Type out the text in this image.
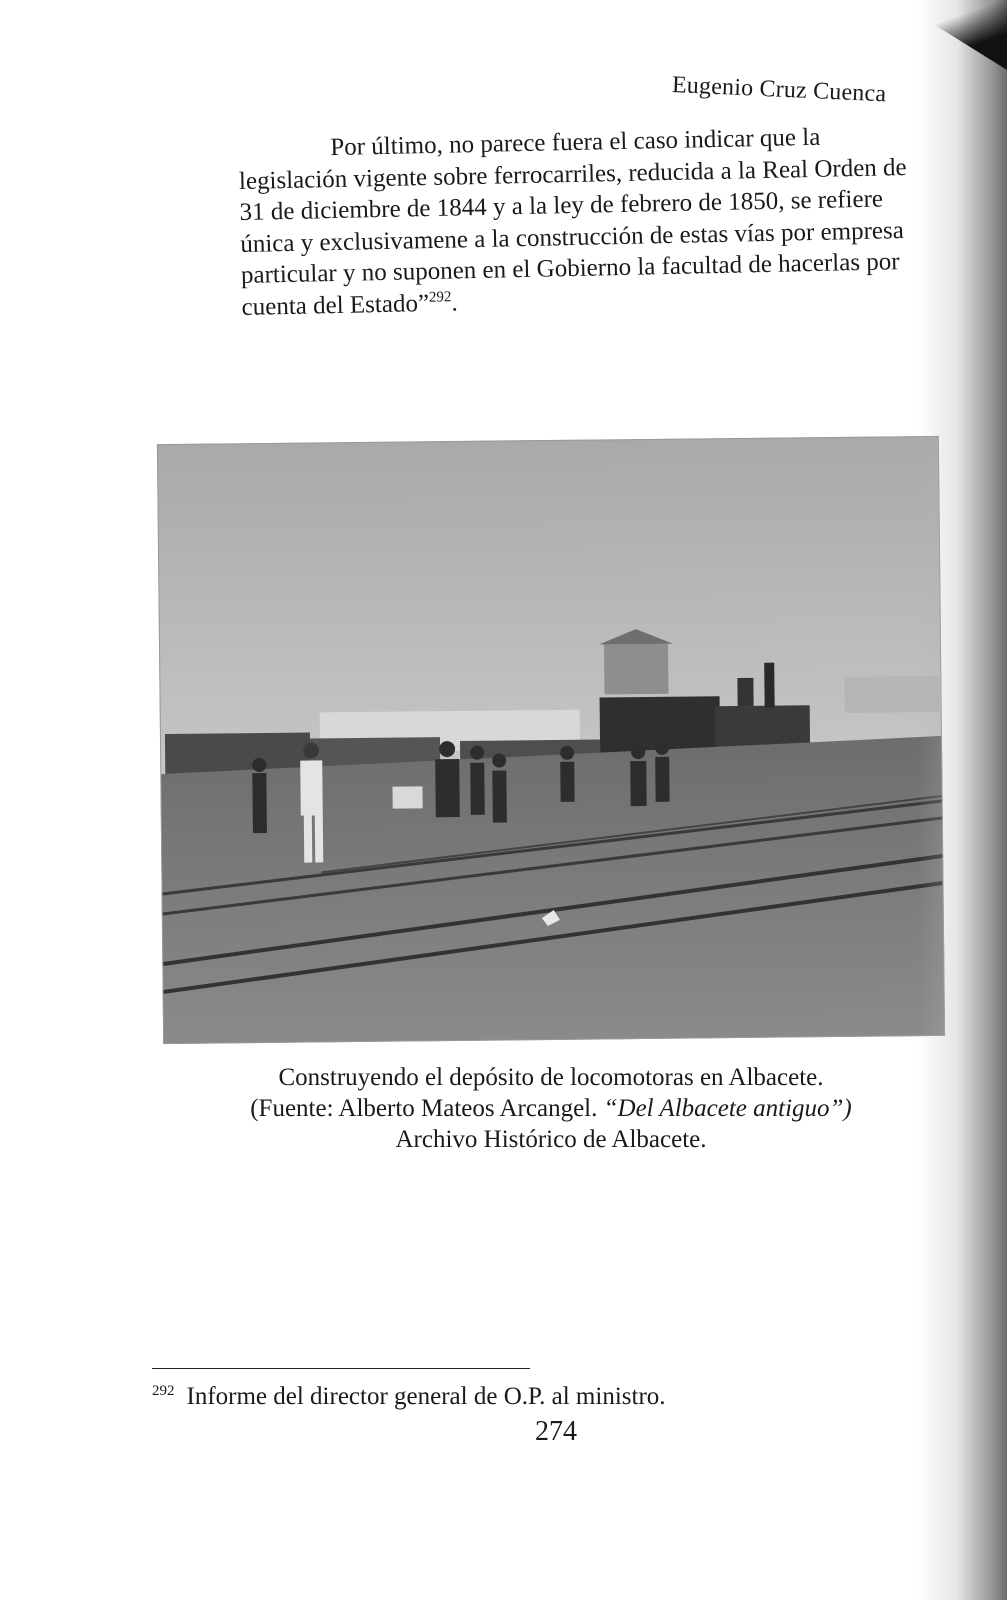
Eugenio Cruz Cuenca
Por último, no parece fuera el caso indicar que la
legislación vigente sobre ferrocarriles, reducida a la Real Orden de
31 de diciembre de 1844 y a la ley de febrero de 1850, se refiere
única y exclusivamene a la construcción de estas vías por empresa
particular y no suponen en el Gobierno la facultad de hacerlas por
cuenta del Estado”$^{292}$.
Construyendo el depósito de locomotoras en Albacete.
(Fuente: Alberto Mateos Arcangel. “Del Albacete antiguo”)
Archivo Histórico de Albacete.
$^{292}$ Informe del director general de O.P. al ministro.
274
